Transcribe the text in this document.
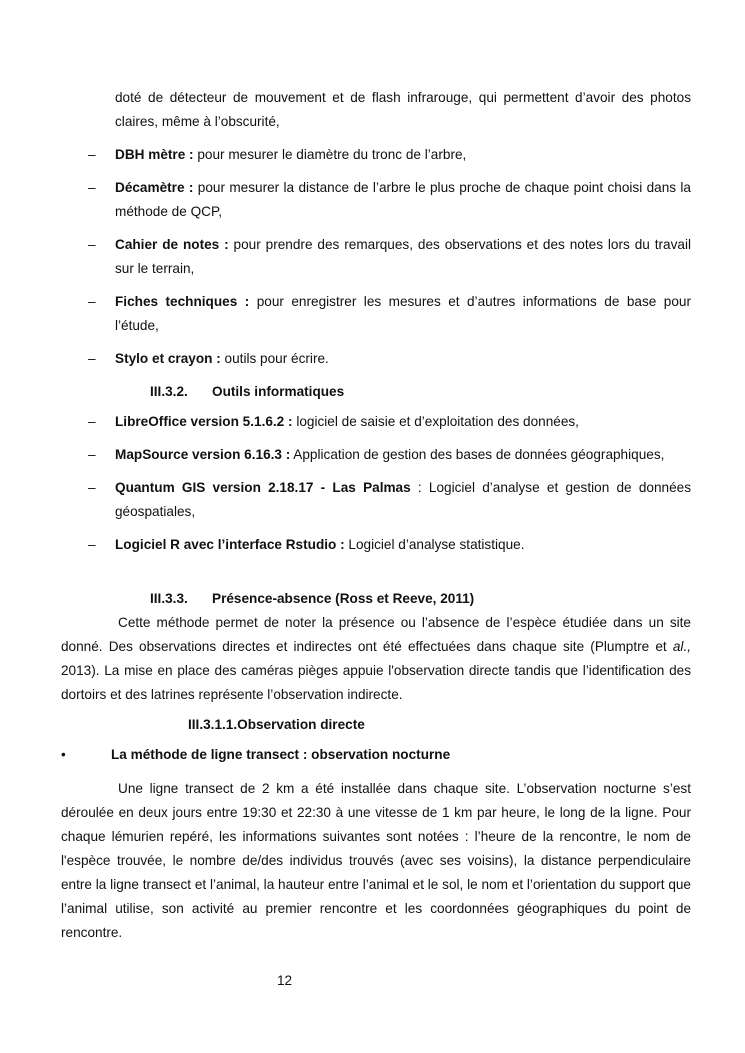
doté de détecteur de mouvement et de flash infrarouge, qui permettent d’avoir des photos
claires, même à l’obscurité,
– DBH mètre : pour mesurer le diamètre du tronc de l’arbre,
– Décamètre : pour mesurer la distance de l’arbre le plus proche de chaque point choisi dans la méthode de QCP,
– Cahier de notes : pour prendre des remarques, des observations et des notes lors du travail sur le terrain,
– Fiches techniques : pour enregistrer les mesures et d’autres informations de base pour l’étude,
– Stylo et crayon : outils pour écrire.
III.3.2. Outils informatiques
– LibreOffice version 5.1.6.2 : logiciel de saisie et d’exploitation des données,
– MapSource version 6.16.3 : Application de gestion des bases de données géographiques,
– Quantum GIS version 2.18.17 - Las Palmas : Logiciel d’analyse et gestion de données géospatiales,
– Logiciel R avec l’interface Rstudio : Logiciel d’analyse statistique.
III.3.3. Présence-absence (Ross et Reeve, 2011)

Cette méthode permet de noter la présence ou l’absence de l’espèce étudiée dans un site donné. Des observations directes et indirectes ont été effectuées dans chaque site (Plumptre et al., 2013). La mise en place des caméras pièges appuie l'observation directe tandis que l’identification des dortoirs et des latrines représente l’observation indirecte.

III.3.1.1.Observation directe
•	La méthode de ligne transect : observation nocturne

Une ligne transect de 2 km a été installée dans chaque site. L’observation nocturne s’est déroulée en deux jours entre 19:30 et 22:30 à une vitesse de 1 km par heure, le long de la ligne. Pour chaque lémurien repéré, les informations suivantes sont notées : l’heure de la rencontre, le nom de l'espèce trouvée, le nombre de/des individus trouvés (avec ses voisins), la distance perpendiculaire entre la ligne transect et l’animal, la hauteur entre l’animal et le sol, le nom et l’orientation du support que l’animal utilise, son activité au premier rencontre et les coordonnées géographiques du point de rencontre.

12
